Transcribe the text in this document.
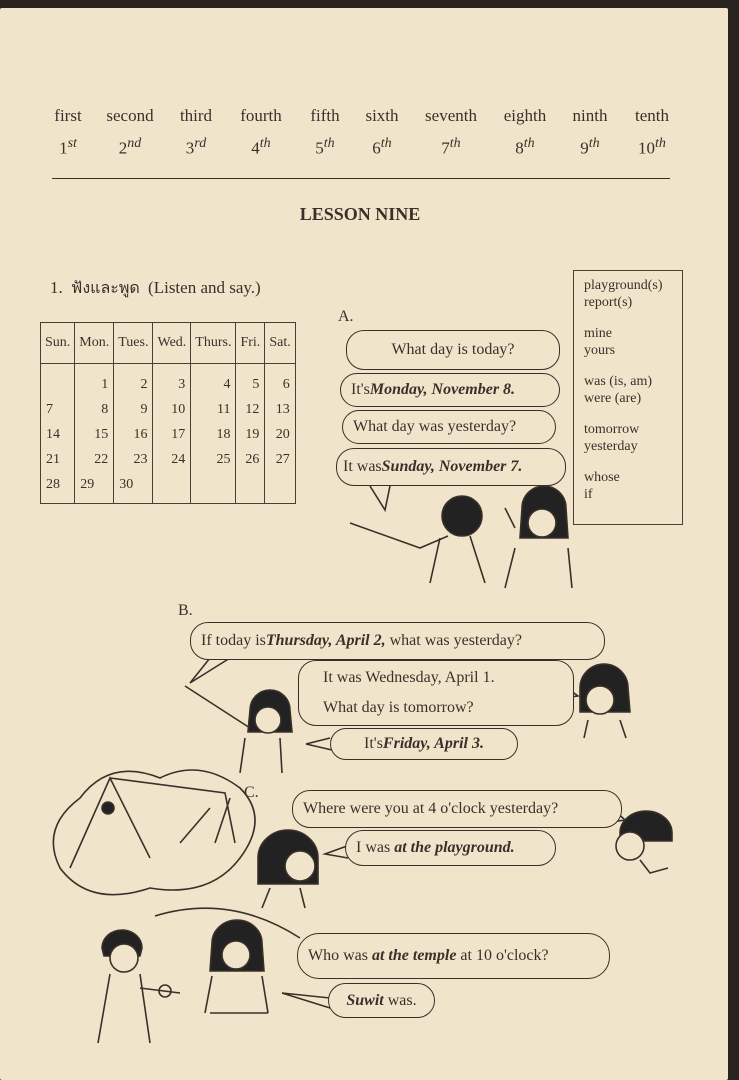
first
1st
second
2nd
third
3rd
fourth
4th
fifth
5th
sixth
6th
seventh
7th
eighth
8th
ninth
9th
tenth
10th
LESSON NINE
1. ฟังและพูด (Listen and say.)
Sun.	Mon.	Tues.	Wed.	Thurs.	Fri.	Sat.
	1	2	3	4	5	6
7	8	9	10	11	12	13
14	15	16	17	18	19	20
21	22	23	24	25	26	27
28	29	30				
playground(s)
report(s)
mine
yours
was (is, am)
were (are)
tomorrow
yesterday
whose
if
A.
What day is today?
It's Monday, November 8.
What day was yesterday?
It was Sunday, November 7.
B.
If today is Thursday, April 2, what was yesterday?
It was Wednesday, April 1.
What day is tomorrow?
It's Friday, April 3.
C.
Where were you at 4 o'clock yesterday?
I was at the playground.
Who was at the temple at 10 o'clock?
Suwit was.
